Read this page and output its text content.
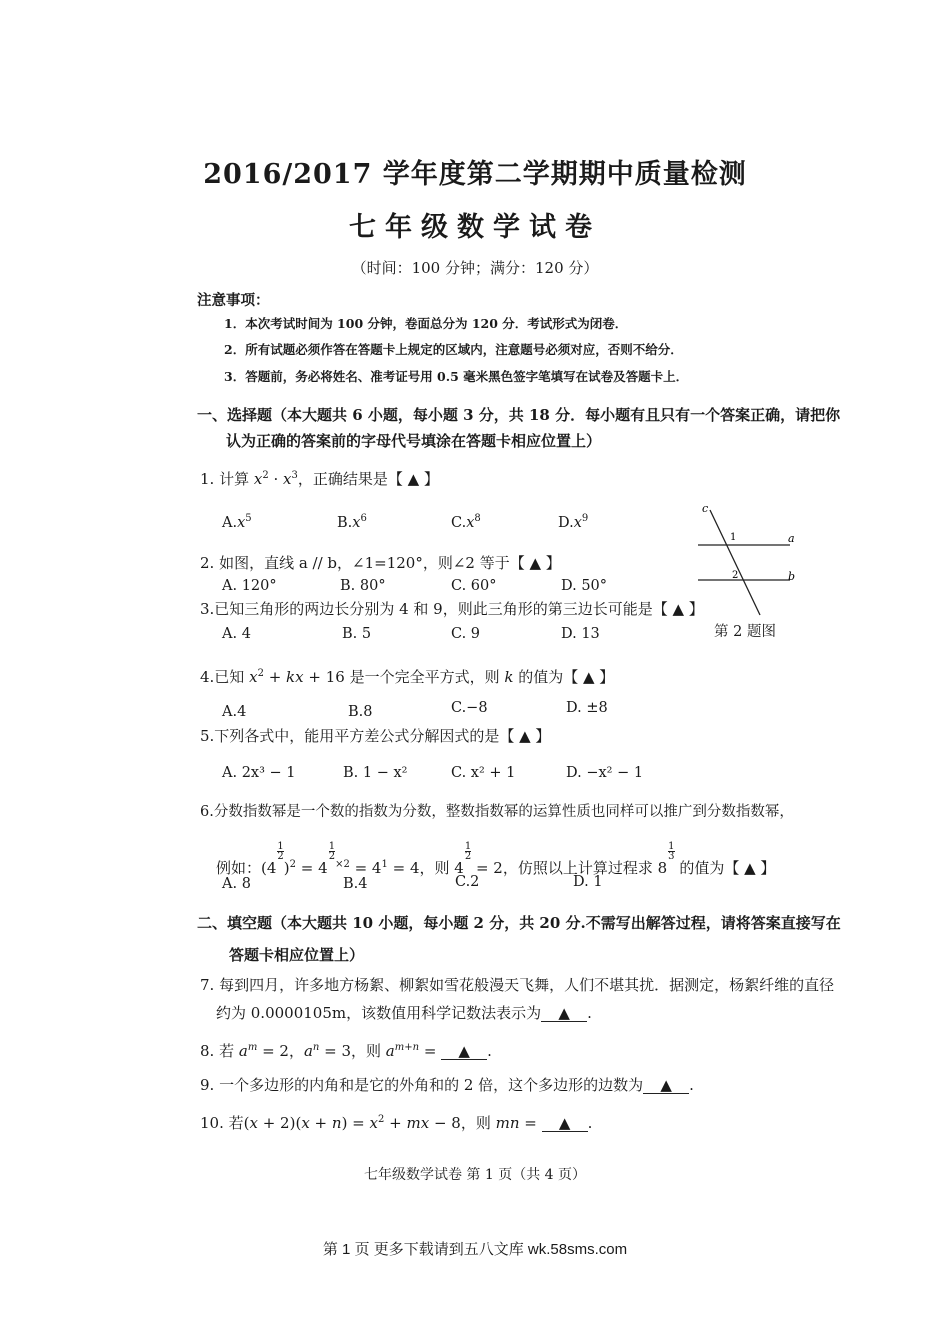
2016/2017 学年度第二学期期中质量检测
七年级数学试卷
（时间：100 分钟；满分：120 分）
注意事项：
1．本次考试时间为 100 分钟，卷面总分为 120 分．考试形式为闭卷．
2．所有试题必须作答在答题卡上规定的区域内，注意题号必须对应，否则不给分．
3．答题前，务必将姓名、准考证号用 0.5 毫米黑色签字笔填写在试卷及答题卡上．
一、选择题（本大题共 6 小题，每小题 3 分，共 18 分．每小题有且只有一个答案正确，请把你
认为正确的答案前的字母代号填涂在答题卡相应位置上）
1. 计算 $x^2 \cdot x^3$，正确结果是【 ▲ 】
$A.x^5$	$B.x^6$	$C.x^8$	$D.x^9$
2. 如图，直线 a // b，∠1=120°，则∠2 等于【 ▲ 】
A. 120°	B. 80°	C. 60°	D. 50°
c
1	a
2	b
第 2 题图
3.已知三角形的两边长分别为 4 和 9，则此三角形的第三边长可能是【 ▲ 】
A. 4	B. 5	C. 9	D. 13
4.已知 $x^2$ + kx + 16 是一个完全平方式，则 k 的值为【 ▲ 】
A.4	B.8	C.−8	D. ±8
5.下列各式中，能用平方差公式分解因式的是【 ▲ 】
A. 2x³ − 1	B. 1 − x²	C. x² + 1	D. −x² − 1
6.分数指数幂是一个数的指数为分数，整数指数幂的运算性质也同样可以推广到分数指数幂，
例如：(4
$\frac{1}{2}$
)$^2$ = 4
$\frac{1}{2}$
$^{\times 2} = 4^1 = 4$，则 4
$\frac{1}{2}$
= 2，仿照以上计算过程求 8
$\frac{1}{3}$
的值为【 ▲ 】
A. 8	B.4	C.2	D. 1
二、填空题（本大题共 10 小题，每小题 2 分，共 20 分.不需写出解答过程，请将答案直接写在
答题卡相应位置上）
7. 每到四月，许多地方杨絮、柳絮如雪花般漫天飞舞，人们不堪其扰．据测定，杨絮纤维的直径
约为 0.0000105m，该数值用科学记数法表示为 ▲ .
8. 若 $a^m = 2$，$a^n = 3$，则 $a^{m+n}$ = ▲ .
9. 一个多边形的内角和是它的外角和的 2 倍，这个多边形的边数为 ▲ .
10. 若$(x + 2)(x + n) = x^2$ + mx − 8，则 mn = ▲ .
七年级数学试卷 第 1 页（共 4 页）
第 1 页 更多下载请到五八文库 wk.58sms.com
